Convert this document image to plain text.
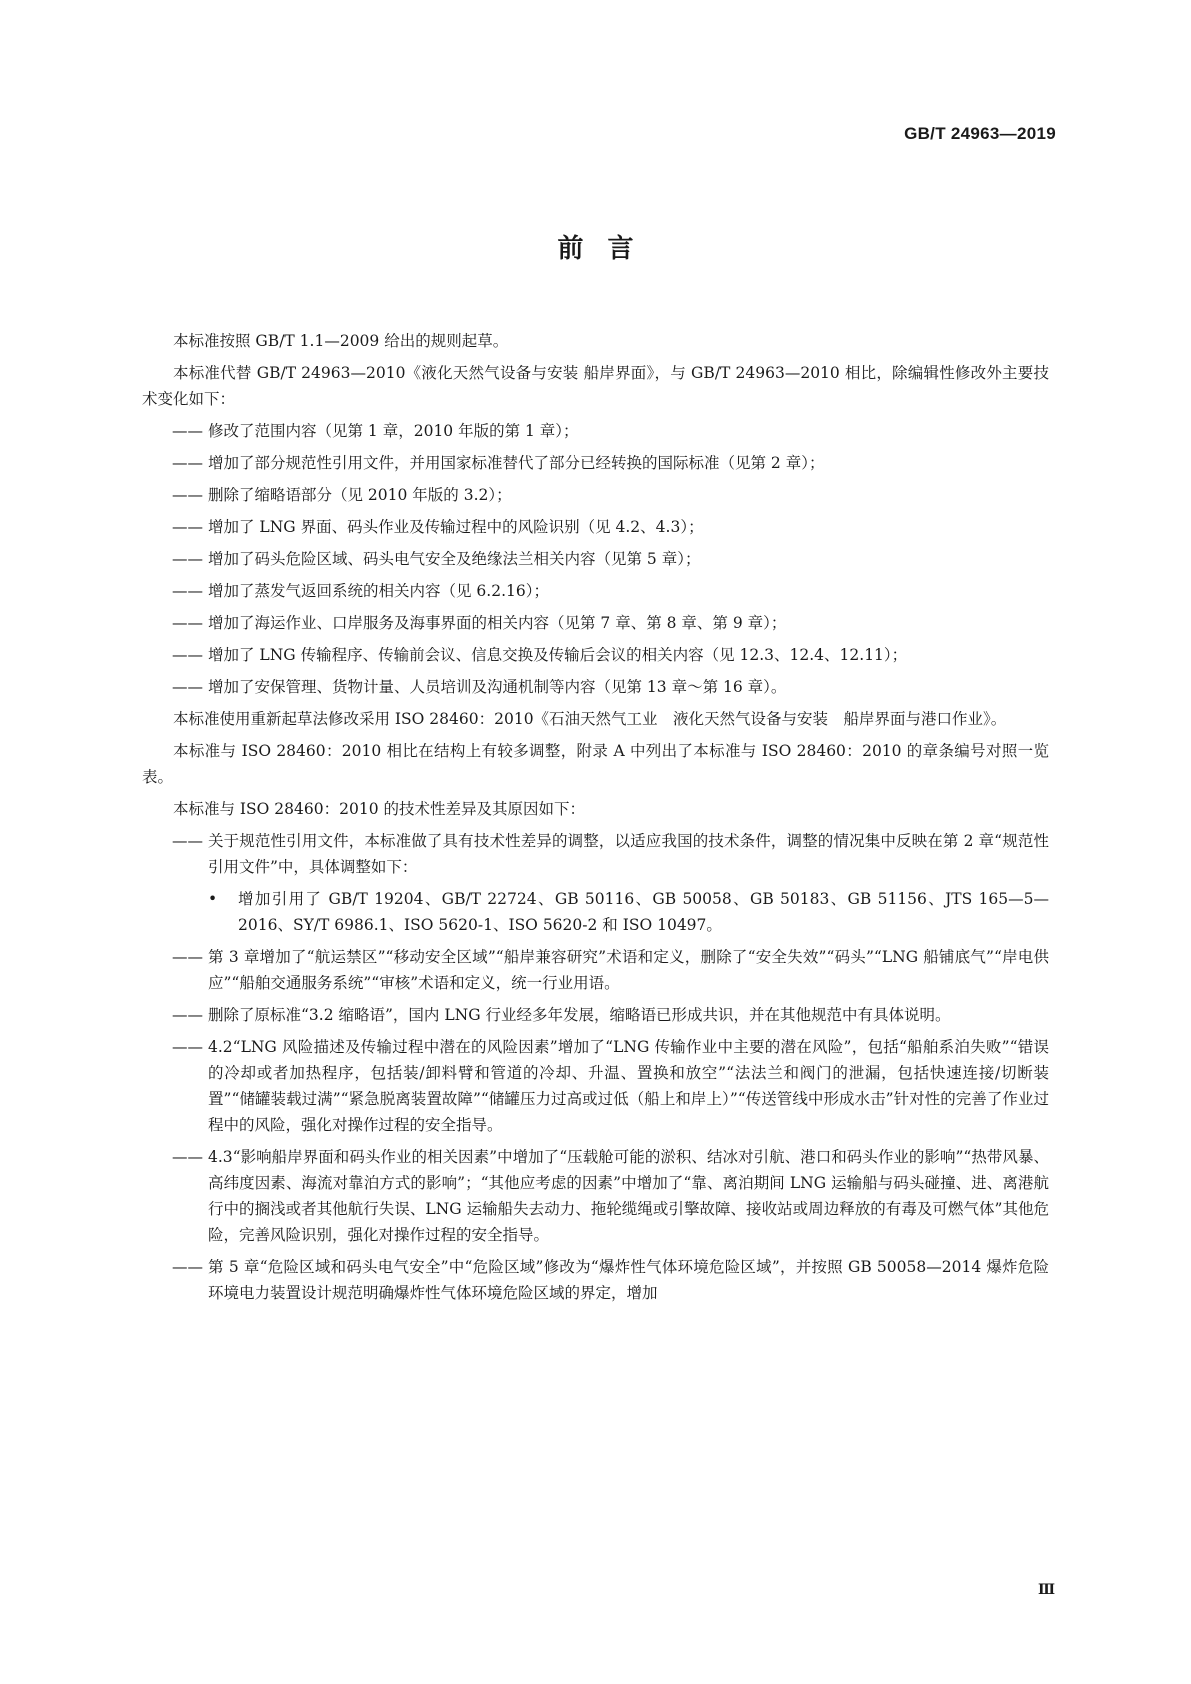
GB/T 24963—2019
前言

本标准按照 GB/T 1.1—2009 给出的规则起草。

本标准代替 GB/T 24963—2010《液化天然气设备与安装 船岸界面》，与 GB/T 24963—2010 相比，除编辑性修改外主要技术变化如下：

—— 修改了范围内容（见第 1 章，2010 年版的第 1 章）；
—— 增加了部分规范性引用文件，并用国家标准替代了部分已经转换的国际标准（见第 2 章）；
—— 删除了缩略语部分（见 2010 年版的 3.2）；
—— 增加了 LNG 界面、码头作业及传输过程中的风险识别（见 4.2、4.3）；
—— 增加了码头危险区域、码头电气安全及绝缘法兰相关内容（见第 5 章）；
—— 增加了蒸发气返回系统的相关内容（见 6.2.16）；
—— 增加了海运作业、口岸服务及海事界面的相关内容（见第 7 章、第 8 章、第 9 章）；
—— 增加了 LNG 传输程序、传输前会议、信息交换及传输后会议的相关内容（见 12.3、12.4、12.11）；
—— 增加了安保管理、货物计量、人员培训及沟通机制等内容（见第 13 章～第 16 章）。

本标准使用重新起草法修改采用 ISO 28460：2010《石油天然气工业　液化天然气设备与安装　船岸界面与港口作业》。

本标准与 ISO 28460：2010 相比在结构上有较多调整，附录 A 中列出了本标准与 ISO 28460：2010 的章条编号对照一览表。

本标准与 ISO 28460：2010 的技术性差异及其原因如下：

—— 关于规范性引用文件，本标准做了具有技术性差异的调整，以适应我国的技术条件，调整的情况集中反映在第 2 章“规范性引用文件”中，具体调整如下：
•	增加引用了 GB/T 19204、GB/T 22724、GB 50116、GB 50058、GB 50183、GB 51156、JTS 165—5—2016、SY/T 6986.1、ISO 5620-1、ISO 5620-2 和 ISO 10497。
—— 第 3 章增加了“航运禁区”“移动安全区域”“船岸兼容研究”术语和定义，删除了“安全失效”“码头”“LNG 船铺底气”“岸电供应”“船舶交通服务系统”“审核”术语和定义，统一行业用语。
—— 删除了原标准“3.2 缩略语”，国内 LNG 行业经多年发展，缩略语已形成共识，并在其他规范中有具体说明。
—— 4.2“LNG 风险描述及传输过程中潜在的风险因素”增加了“LNG 传输作业中主要的潜在风险”，包括“船舶系泊失败”“错误的冷却或者加热程序，包括装/卸料臂和管道的冷却、升温、置换和放空”“法法兰和阀门的泄漏，包括快速连接/切断装置”“储罐装载过满”“紧急脱离装置故障”“储罐压力过高或过低（船上和岸上）”“传送管线中形成水击”针对性的完善了作业过程中的风险，强化对操作过程的安全指导。
—— 4.3“影响船岸界面和码头作业的相关因素”中增加了“压载舱可能的淤积、结冰对引航、港口和码头作业的影响”“热带风暴、高纬度因素、海流对靠泊方式的影响”；“其他应考虑的因素”中增加了“靠、离泊期间 LNG 运输船与码头碰撞、进、离港航行中的搁浅或者其他航行失误、LNG 运输船失去动力、拖轮缆绳或引擎故障、接收站或周边释放的有毒及可燃气体”其他危险，完善风险识别，强化对操作过程的安全指导。
—— 第 5 章“危险区域和码头电气安全”中“危险区域”修改为“爆炸性气体环境危险区域”，并按照 GB 50058—2014 爆炸危险环境电力装置设计规范明确爆炸性气体环境危险区域的界定，增加
Ⅲ
